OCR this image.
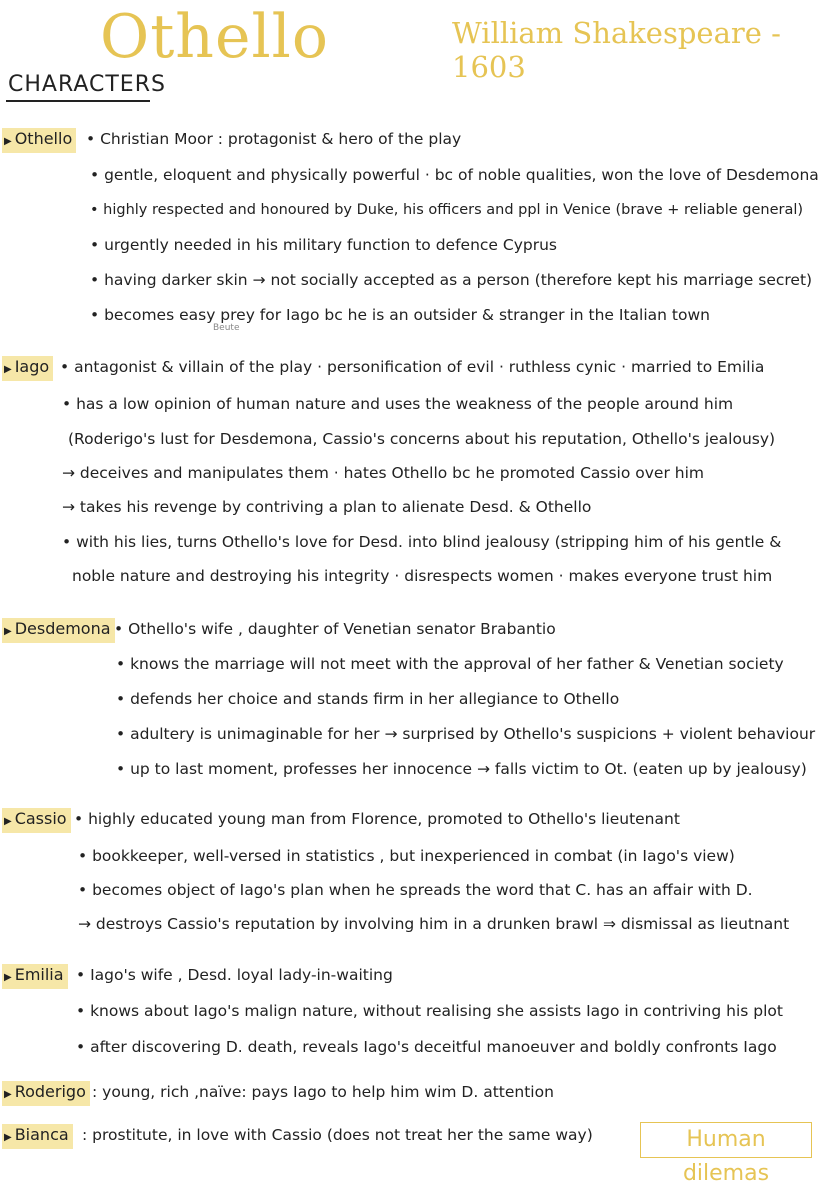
Othello	William Shakespeare - 1603
CHARACTERS
▶ Othello • Christian Moor : protagonist & hero of the play
• gentle, eloquent and physically powerful · bc of noble qualities, won the love of Desdemona
• highly respected and honoured by Duke, his officers and ppl in Venice (brave + reliable general)
• urgently needed in his military function to defence Cyprus
• having darker skin → not socially accepted as a person (therefore kept his marriage secret)
• becomes easy prey for Iago bc he is an outsider & stranger in the Italian town
Beute
▶ Iago • antagonist & villain of the play · personification of evil · ruthless cynic · married to Emilia
• has a low opinion of human nature and uses the weakness of the people around him
(Roderigo's lust for Desdemona, Cassio's concerns about his reputation, Othello's jealousy)
→ deceives and manipulates them · hates Othello bc he promoted Cassio over him
→ takes his revenge by contriving a plan to alienate Desd. & Othello
• with his lies, turns Othello's love for Desd. into blind jealousy (stripping him of his gentle &
noble nature and destroying his integrity · disrespects women · makes everyone trust him
▶ Desdemona • Othello's wife , daughter of Venetian senator Brabantio
• knows the marriage will not meet with the approval of her father & Venetian society
• defends her choice and stands firm in her allegiance to Othello
• adultery is unimaginable for her → surprised by Othello's suspicions + violent behaviour
• up to last moment, professes her innocence → falls victim to Ot. (eaten up by jealousy)
▶ Cassio • highly educated young man from Florence, promoted to Othello's lieutenant
• bookkeeper, well-versed in statistics , but inexperienced in combat (in Iago's view)
• becomes object of Iago's plan when he spreads the word that C. has an affair with D.
→ destroys Cassio's reputation by involving him in a drunken brawl ⇒ dismissal as lieutnant
▶ Emilia • Iago's wife , Desd. loyal lady-in-waiting
• knows about Iago's malign nature, without realising she assists Iago in contriving his plot
• after discovering D. death, reveals Iago's deceitful manoeuver and boldly confronts Iago
▶ Roderigo : young, rich ,naïve: pays Iago to help him wim D. attention
▶ Bianca : prostitute, in love with Cassio (does not treat her the same way)	Human dilemas
